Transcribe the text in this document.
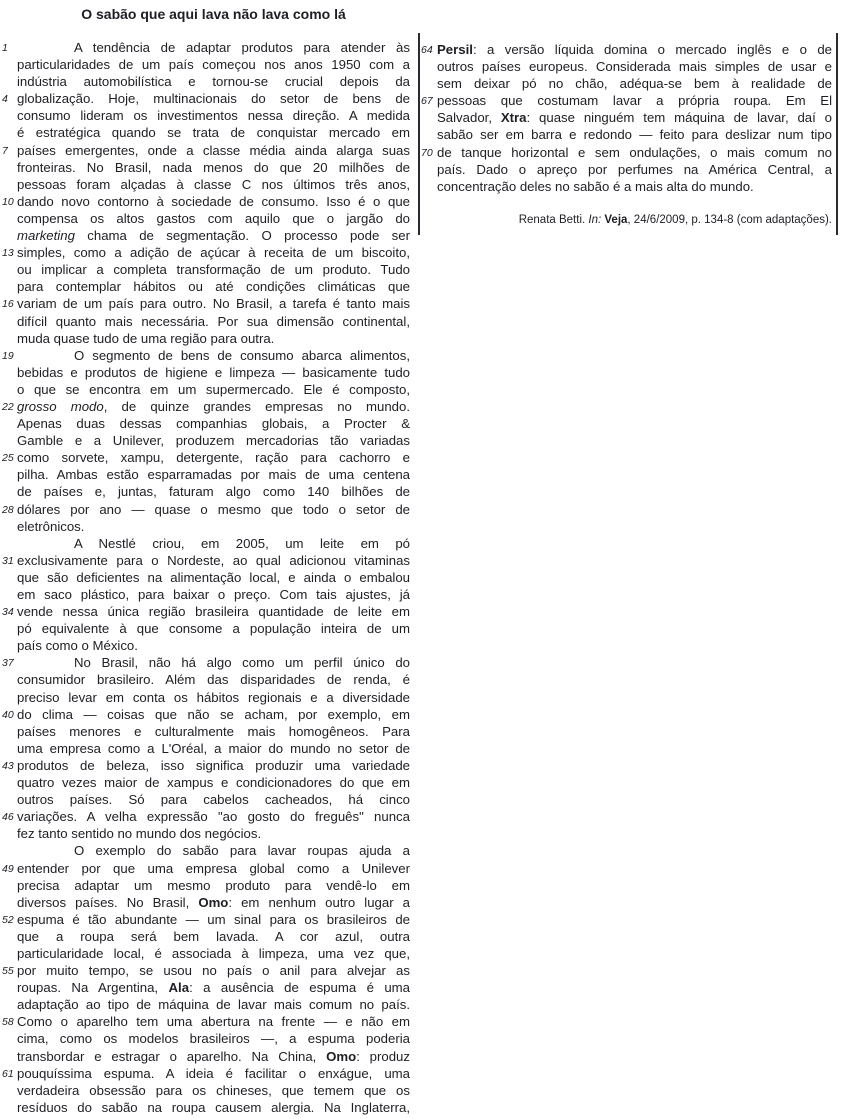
O sabão que aqui lava não lava como lá
1	A tendência de adaptar produtos para atender às
particularidades de um país começou nos anos 1950 com a
indústria automobilística e tornou-se crucial depois da
4 globalização. Hoje, multinacionais do setor de bens de
consumo lideram os investimentos nessa direção. A medida
é estratégica quando se trata de conquistar mercado em
7 países emergentes, onde a classe média ainda alarga suas
fronteiras. No Brasil, nada menos do que 20 milhões de
pessoas foram alçadas à classe C nos últimos três anos,
10 dando novo contorno à sociedade de consumo. Isso é o que
compensa os altos gastos com aquilo que o jargão do
marketing chama de segmentação. O processo pode ser
13 simples, como a adição de açúcar à receita de um biscoito,
ou implicar a completa transformação de um produto. Tudo
para contemplar hábitos ou até condições climáticas que
16 variam de um país para outro. No Brasil, a tarefa é tanto mais
difícil quanto mais necessária. Por sua dimensão continental,
muda quase tudo de uma região para outra.
19	O segmento de bens de consumo abarca alimentos,
bebidas e produtos de higiene e limpeza — basicamente tudo
o que se encontra em um supermercado. Ele é composto,
22 grosso modo, de quinze grandes empresas no mundo.
Apenas duas dessas companhias globais, a Procter &
Gamble e a Unilever, produzem mercadorias tão variadas
25 como sorvete, xampu, detergente, ração para cachorro e
pilha. Ambas estão esparramadas por mais de uma centena
de países e, juntas, faturam algo como 140 bilhões de
28 dólares por ano — quase o mesmo que todo o setor de
eletrônicos.
A Nestlé criou, em 2005, um leite em pó
31 exclusivamente para o Nordeste, ao qual adicionou vitaminas
que são deficientes na alimentação local, e ainda o embalou
em saco plástico, para baixar o preço. Com tais ajustes, já
34 vende nessa única região brasileira quantidade de leite em
pó equivalente à que consome a população inteira de um
país como o México.
37	No Brasil, não há algo como um perfil único do
consumidor brasileiro. Além das disparidades de renda, é
preciso levar em conta os hábitos regionais e a diversidade
40 do clima — coisas que não se acham, por exemplo, em
países menores e culturalmente mais homogêneos. Para
uma empresa como a L'Oréal, a maior do mundo no setor de
43 produtos de beleza, isso significa produzir uma variedade
quatro vezes maior de xampus e condicionadores do que em
outros países. Só para cabelos cacheados, há cinco
46 variações. A velha expressão "ao gosto do freguês" nunca
fez tanto sentido no mundo dos negócios.
O exemplo do sabão para lavar roupas ajuda a
49 entender por que uma empresa global como a Unilever
precisa adaptar um mesmo produto para vendê-lo em
diversos países. No Brasil, Omo: em nenhum outro lugar a
52 espuma é tão abundante — um sinal para os brasileiros de
que a roupa será bem lavada. A cor azul, outra
particularidade local, é associada à limpeza, uma vez que,
55 por muito tempo, se usou no país o anil para alvejar as
roupas. Na Argentina, Ala: a ausência de espuma é uma
adaptação ao tipo de máquina de lavar mais comum no país.
58 Como o aparelho tem uma abertura na frente — e não em
cima, como os modelos brasileiros —, a espuma poderia
transbordar e estragar o aparelho. Na China, Omo: produz
61 pouquíssima espuma. A ideia é facilitar o enxágue, uma
verdadeira obsessão para os chineses, que temem que os
resíduos do sabão na roupa causem alergia. Na Inglaterra,
64 Persil: a versão líquida domina o mercado inglês e o de
outros países europeus. Considerada mais simples de usar e
sem deixar pó no chão, adéqua-se bem à realidade de
67 pessoas que costumam lavar a própria roupa. Em El
Salvador, Xtra: quase ninguém tem máquina de lavar, daí o
sabão ser em barra e redondo — feito para deslizar num tipo
70 de tanque horizontal e sem ondulações, o mais comum no
país. Dado o apreço por perfumes na América Central, a
concentração deles no sabão é a mais alta do mundo.
Renata Betti. In: Veja, 24/6/2009, p. 134-8 (com adaptações).
